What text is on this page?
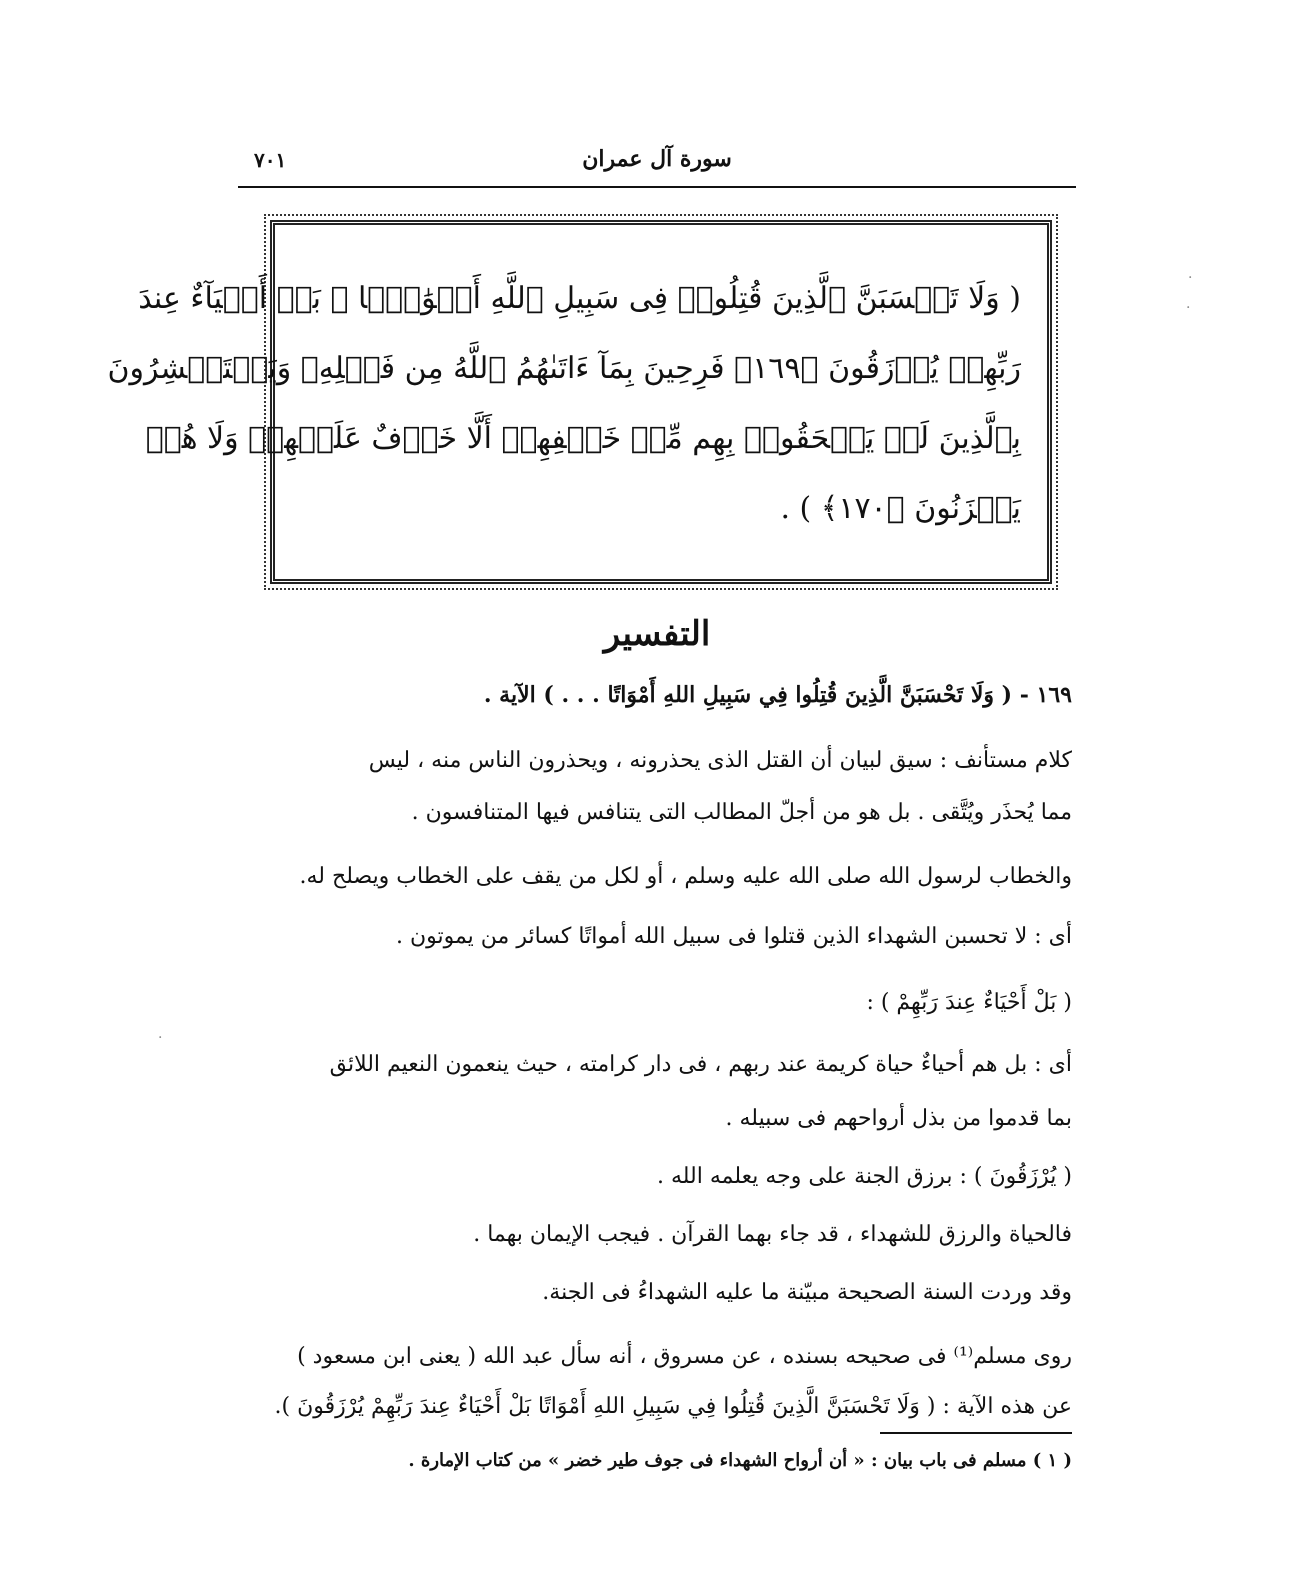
سورة آل عمران
٧٠١
( وَلَا تَحۡسَبَنَّ ٱلَّذِينَ قُتِلُوا۟ فِى سَبِيلِ ٱللَّهِ أَمۡوَٰتَۢا ۚ بَلۡ أَحۡيَآءٌ عِندَ
رَبِّهِمۡ يُرۡزَقُونَ ﴿١٦٩﴾ فَرِحِينَ بِمَآ ءَاتَىٰهُمُ ٱللَّهُ مِن فَضۡلِهِۦ وَيَسۡتَبۡشِرُونَ
بِٱلَّذِينَ لَمۡ يَلۡحَقُوا۟ بِهِم مِّنۡ خَلۡفِهِمۡ أَلَّا خَوۡفٌ عَلَيۡهِمۡ وَلَا هُمۡ
يَحۡزَنُونَ ﴿١٧٠﴾ ) .
التفسير
١٦٩ - ( وَلَا تَحْسَبَنَّ الَّذِينَ قُتِلُوا فِي سَبِيلِ اللهِ أَمْوَاتًا . . . ) الآية .
كلام مستأنف : سيق لبيان أن القتل الذى يحذرونه ، ويحذرون الناس منه ، ليس
مما يُحذَر ويُتَّقى . بل هو من أجلّ المطالب التى يتنافس فيها المتنافسون .
والخطاب لرسول الله صلى الله عليه وسلم ، أو لكل من يقف على الخطاب ويصلح له.
أى : لا تحسبن الشهداء الذين قتلوا فى سبيل الله أمواتًا كسائر من يموتون .
( بَلْ أَحْيَاءٌ عِندَ رَبِّهِمْ ) :
أى : بل هم أحياءٌ حياة كريمة عند ربهم ، فى دار كرامته ، حيث ينعمون النعيم اللائق
بما قدموا من بذل أرواحهم فى سبيله .
( يُرْزَقُونَ ) : برزق الجنة على وجه يعلمه الله .
فالحياة والرزق للشهداء ، قد جاء بهما القرآن . فيجب الإيمان بهما .
وقد وردت السنة الصحيحة مبيّنة ما عليه الشهداءُ فى الجنة.
روى مسلم⁽¹⁾ فى صحيحه بسنده ، عن مسروق ، أنه سأل عبد الله ( يعنى ابن مسعود )
عن هذه الآية : ( وَلَا تَحْسَبَنَّ الَّذِينَ قُتِلُوا فِي سَبِيلِ اللهِ أَمْوَاتًا بَلْ أَحْيَاءٌ عِندَ رَبِّهِمْ يُرْزَقُونَ ).
( ١ ) مسلم فى باب بيان : « أن أرواح الشهداء فى جوف طير خضر » من كتاب الإمارة .
·
·
·
